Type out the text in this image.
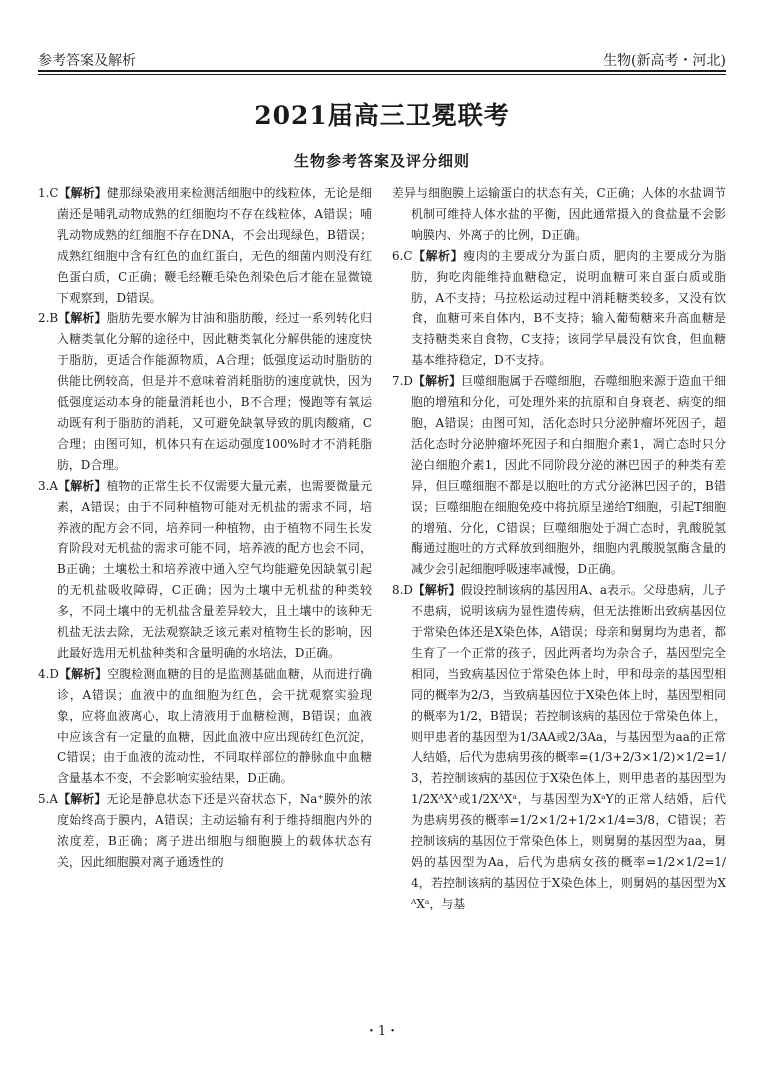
参考答案及解析	生物(新高考・河北)
2021届高三卫冕联考
生物参考答案及评分细则

1.C【解析】健那绿染液用来检测活细胞中的线粒体，无论是细菌还是哺乳动物成熟的红细胞均不存在线粒体，A错误；哺乳动物成熟的红细胞不存在DNA，不会出现绿色，B错误；成熟红细胞中含有红色的血红蛋白，无色的细菌内则没有红色蛋白质，C正确；鞭毛经鞭毛染色剂染色后才能在显微镜下观察到，D错误。

2.B【解析】脂肪先要水解为甘油和脂肪酸，经过一系列转化归入糖类氧化分解的途径中，因此糖类氧化分解供能的速度快于脂肪，更适合作能源物质，A合理；低强度运动时脂肪的供能比例较高，但是并不意味着消耗脂肪的速度就快，因为低强度运动本身的能量消耗也小，B不合理；慢跑等有氧运动既有利于脂肪的消耗，又可避免缺氧导致的肌肉酸痛，C合理；由图可知，机体只有在运动强度100%时才不消耗脂肪，D合理。

3.A【解析】植物的正常生长不仅需要大量元素，也需要微量元素，A错误；由于不同种植物可能对无机盐的需求不同，培养液的配方会不同，培养同一种植物，由于植物不同生长发育阶段对无机盐的需求可能不同，培养液的配方也会不同，B正确；土壤松土和培养液中通入空气均能避免因缺氧引起的无机盐吸收障碍，C正确；因为土壤中无机盐的种类较多，不同土壤中的无机盐含量差异较大，且土壤中的该种无机盐无法去除，无法观察缺乏该元素对植物生长的影响，因此最好选用无机盐种类和含量明确的水培法，D正确。

4.D【解析】空腹检测血糖的目的是监测基础血糖，从而进行确诊，A错误；血液中的血细胞为红色，会干扰观察实验现象，应将血液离心，取上清液用于血糖检测，B错误；血液中应该含有一定量的血糖，因此血液中应出现砖红色沉淀，C错误；由于血液的流动性，不同取样部位的静脉血中血糖含量基本不变，不会影响实验结果，D正确。

5.A【解析】无论是静息状态下还是兴奋状态下，Na⁺膜外的浓度始终高于膜内，A错误；主动运输有利于维持细胞内外的浓度差，B正确；离子进出细胞与细胞膜上的载体状态有关，因此细胞膜对离子通透性的

差异与细胞膜上运输蛋白的状态有关，C正确；人体的水盐调节机制可维持人体水盐的平衡，因此通常摄入的食盐量不会影响膜内、外离子的比例，D正确。

6.C【解析】瘦肉的主要成分为蛋白质，肥肉的主要成分为脂肪，狗吃肉能维持血糖稳定，说明血糖可来自蛋白质或脂肪，A不支持；马拉松运动过程中消耗糖类较多，又没有饮食，血糖可来自体内，B不支持；输入葡萄糖来升高血糖是支持糖类来自食物，C支持；该同学早晨没有饮食，但血糖基本维持稳定，D不支持。

7.D【解析】巨噬细胞属于吞噬细胞，吞噬细胞来源于造血干细胞的增殖和分化，可处理外来的抗原和自身衰老、病变的细胞，A错误；由图可知，活化态时只分泌肿瘤坏死因子，超活化态时分泌肿瘤坏死因子和白细胞介素1，凋亡态时只分泌白细胞介素1，因此不同阶段分泌的淋巴因子的种类有差异，但巨噬细胞不都是以胞吐的方式分泌淋巴因子的，B错误；巨噬细胞在细胞免疫中将抗原呈递给T细胞，引起T细胞的增殖、分化，C错误；巨噬细胞处于凋亡态时，乳酸脱氢酶通过胞吐的方式释放到细胞外，细胞内乳酸脱氢酶含量的减少会引起细胞呼吸速率减慢，D正确。

8.D【解析】假设控制该病的基因用A、a表示。父母患病，儿子不患病，说明该病为显性遗传病，但无法推断出致病基因位于常染色体还是X染色体，A错误；母亲和舅舅均为患者，都生育了一个正常的孩子，因此两者均为杂合子，基因型完全相同，当致病基因位于常染色体上时，甲和母亲的基因型相同的概率为2/3，当致病基因位于X染色体上时，基因型相同的概率为1/2，B错误；若控制该病的基因位于常染色体上，则甲患者的基因型为1/3AA或2/3Aa，与基因型为aa的正常人结婚，后代为患病男孩的概率=(1/3+2/3×1/2)×1/2=1/3，若控制该病的基因位于X染色体上，则甲患者的基因型为1/2XᴬXᴬ或1/2XᴬXᵃ，与基因型为XᵃY的正常人结婚，后代为患病男孩的概率=1/2×1/2+1/2×1/4=3/8，C错误；若控制该病的基因位于常染色体上，则舅舅的基因型为aa，舅妈的基因型为Aa，后代为患病女孩的概率=1/2×1/2=1/4，若控制该病的基因位于X染色体上，则舅妈的基因型为XᴬXᵃ，与基

・1・
